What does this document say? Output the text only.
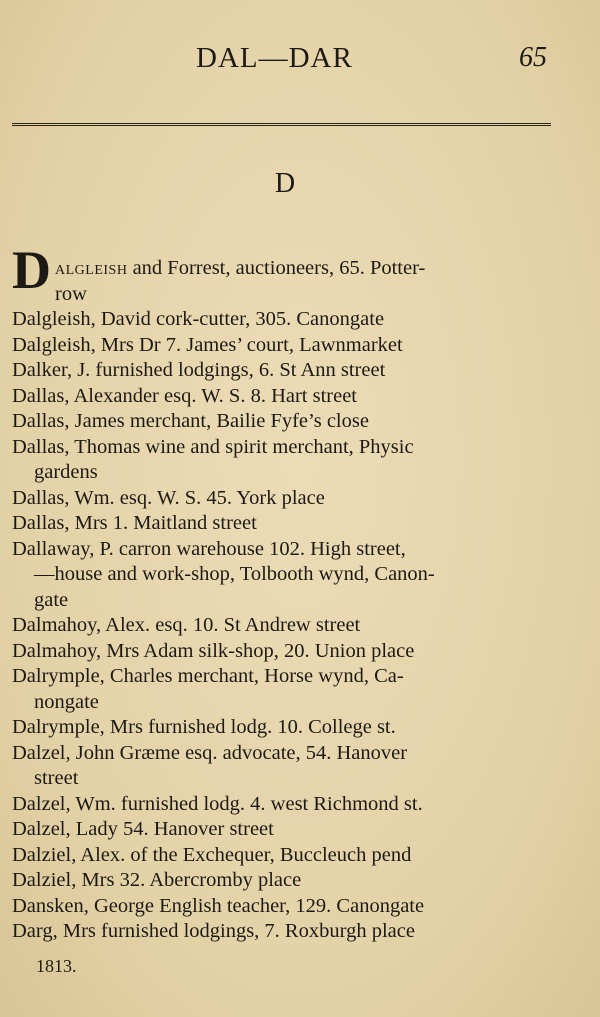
DAL—DAR	65
D
D algleish and Forrest, auctioneers, 65. Potter-
row
Dalgleish, David cork-cutter, 305. Canongate
Dalgleish, Mrs Dr 7. James’ court, Lawnmarket
Dalker, J. furnished lodgings, 6. St Ann street
Dallas, Alexander esq. W. S. 8. Hart street
Dallas, James merchant, Bailie Fyfe’s close
Dallas, Thomas wine and spirit merchant, Physic
gardens
Dallas, Wm. esq. W. S. 45. York place
Dallas, Mrs 1. Maitland street
Dallaway, P. carron warehouse 102. High street,
—house and work-shop, Tolbooth wynd, Canon-
gate
Dalmahoy, Alex. esq. 10. St Andrew street
Dalmahoy, Mrs Adam silk-shop, 20. Union place
Dalrymple, Charles merchant, Horse wynd, Ca-
nongate
Dalrymple, Mrs furnished lodg. 10. College st.
Dalzel, John Græme esq. advocate, 54. Hanover
street
Dalzel, Wm. furnished lodg. 4. west Richmond st.
Dalzel, Lady 54. Hanover street
Dalziel, Alex. of the Exchequer, Buccleuch pend
Dalziel, Mrs 32. Abercromby place
Dansken, George English teacher, 129. Canongate
Darg, Mrs furnished lodgings, 7. Roxburgh place
1813.
